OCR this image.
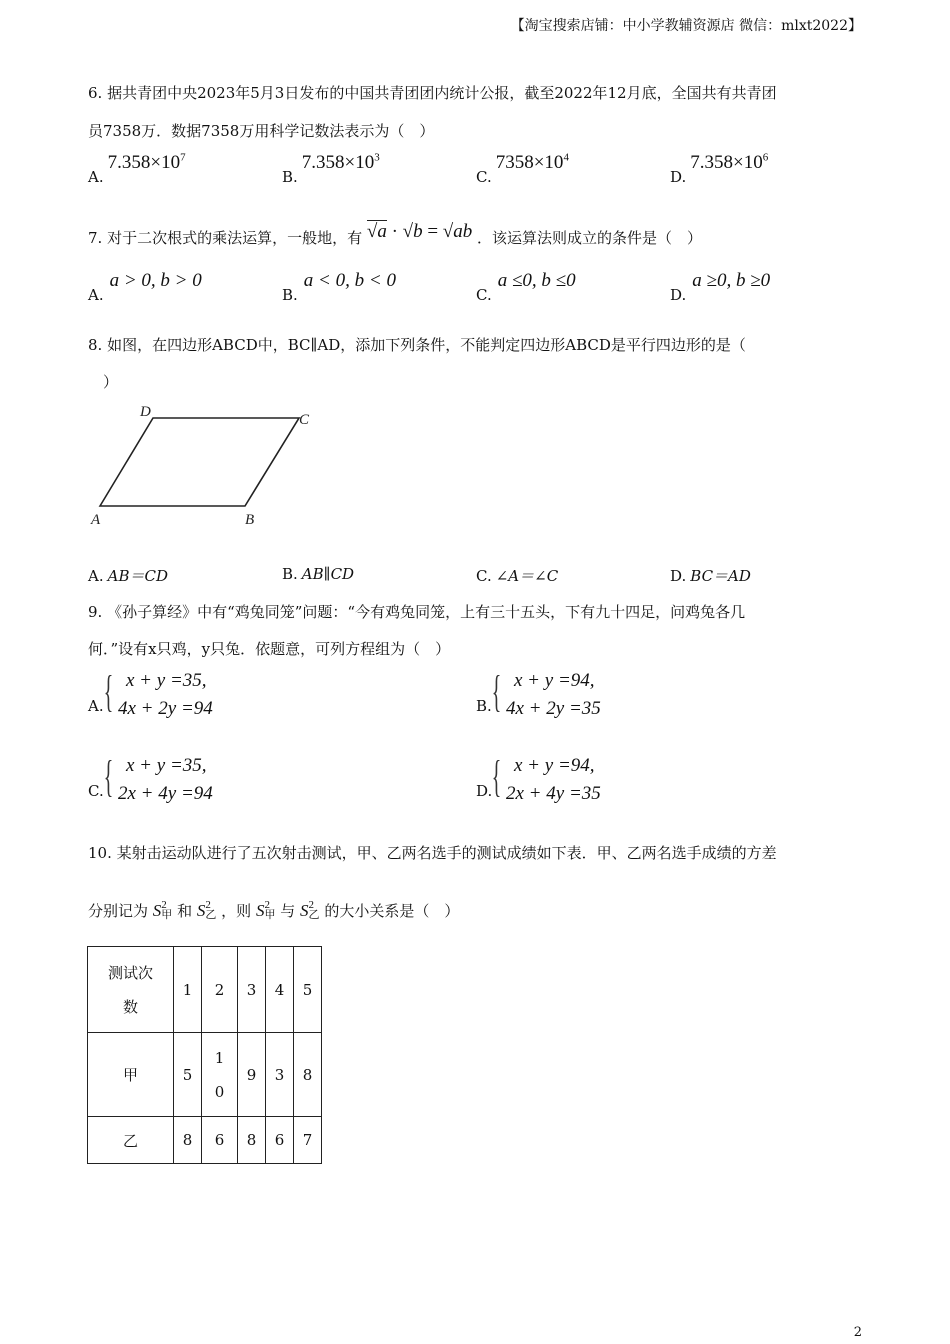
【淘宝搜索店铺：中小学教辅资源店 微信：mlxt2022】
6. 据共青团中央2023年5月3日发布的中国共青团团内统计公报，截至2022年12月底，全国共有共青团
员7358万．数据7358万用科学记数法表示为（　）
$A.7.358\times 10^7$
$B.7.358\times 10^3$
$C.7358\times 10^4$
$D.7.358\times 10^6$
7. 对于二次根式的乘法运算，一般地，有 √a · √b = √ab ．该运算法则成立的条件是（　）
A.a > 0, b > 0
B.a < 0, b < 0
C.a ≤0, b ≤0
D.a ≥0, b ≥0
8. 如图，在四边形ABCD中，BC∥AD，添加下列条件，不能判定四边形ABCD是平行四边形的是（
）
A	B
C
D
A. AB＝CD	B. AB∥CD	C. ∠A＝∠C	D. BC＝AD
9. 《孙子算经》中有“鸡兔同笼”问题：“今有鸡兔同笼，上有三十五头，下有九十四足，问鸡兔各几
何．”设有x只鸡，y只兔．依题意，可列方程组为（　）
A. { x + y =35,
4x + 2y =94	B. { x + y =94,
4x + 2y =35
C. { x + y =35,
2x + 4y =94	D. { x + y =94,
2x + 4y =35
10. 某射击运动队进行了五次射击测试，甲、乙两名选手的测试成绩如下表．甲、乙两名选手成绩的方差
分别记为 S 2
甲 和 S 2
乙 ，则 S 2
甲 与 S 2
乙 的大小关系是（　）
测试次
数	1	2	3	4	5
甲	5	10	9	3	8
乙	8	6	8	6	7
2
